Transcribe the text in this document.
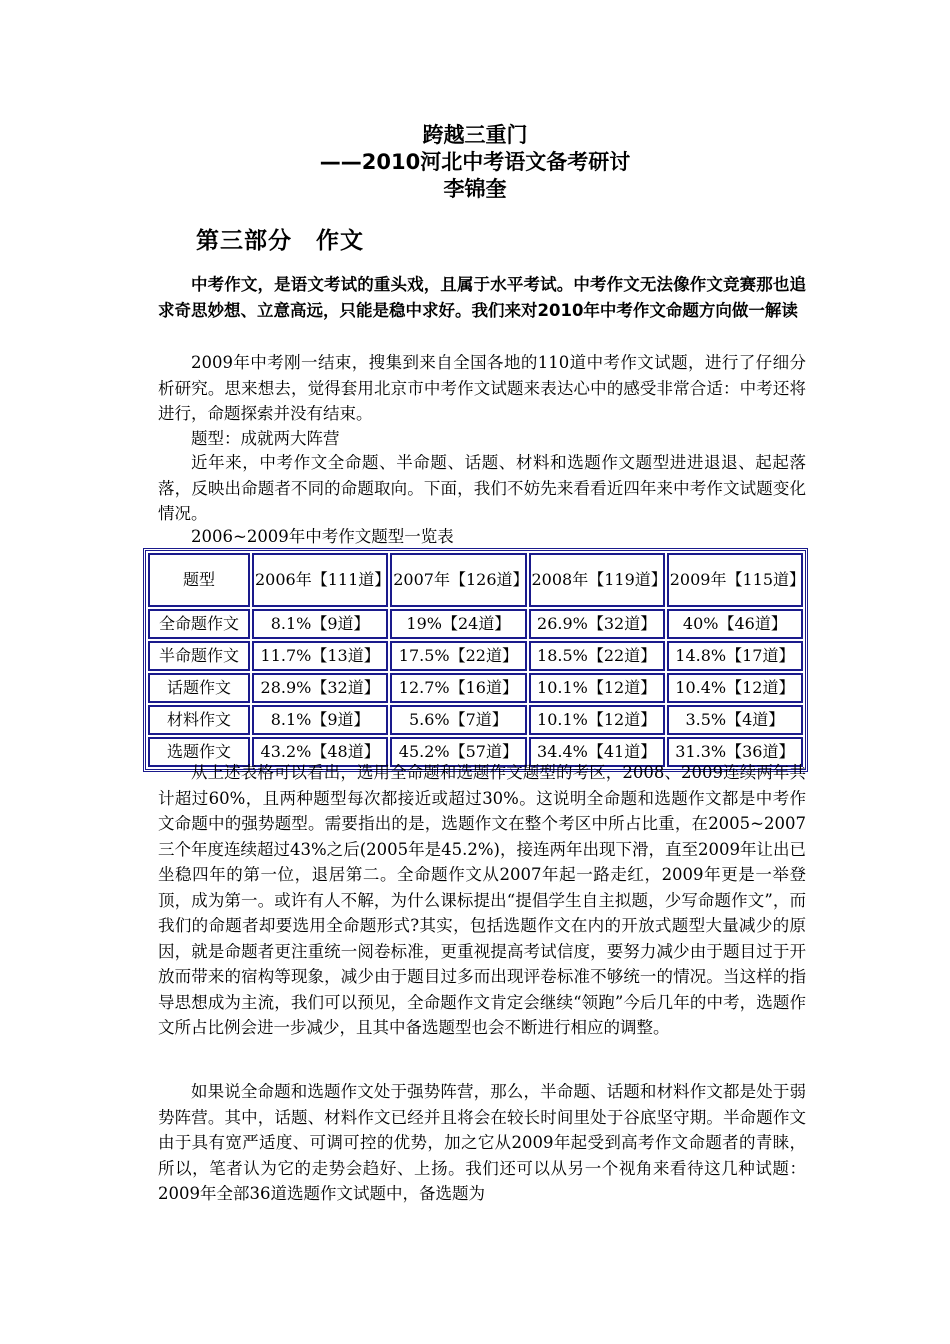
跨越三重门
——2010河北中考语文备考研讨
李锦奎
第三部分　作文

中考作文，是语文考试的重头戏，且属于水平考试。中考作文无法像作文竞赛那也追求奇思妙想、立意高远，只能是稳中求好。我们来对2010年中考作文命题方向做一解读

2009年中考刚一结束，搜集到来自全国各地的110道中考作文试题，进行了仔细分析研究。思来想去，觉得套用北京市中考作文试题来表达心中的感受非常合适：中考还将进行，命题探索并没有结束。

题型：成就两大阵营

近年来，中考作文全命题、半命题、话题、材料和选题作文题型进进退退、起起落落，反映出命题者不同的命题取向。下面，我们不妨先来看看近四年来中考作文试题变化情况。

2006~2009年中考作文题型一览表

题型	2006年【111道】	2007年【126道】	2008年【119道】	2009年【115道】
全命题作文	8.1%【9道】	19%【24道】	26.9%【32道】	40%【46道】
半命题作文	11.7%【13道】	17.5%【22道】	18.5%【22道】	14.8%【17道】
话题作文	28.9%【32道】	12.7%【16道】	10.1%【12道】	10.4%【12道】
材料作文	8.1%【9道】	5.6%【7道】	10.1%【12道】	3.5%【4道】
选题作文	43.2%【48道】	45.2%【57道】	34.4%【41道】	31.3%【36道】

从上述表格可以看出，选用全命题和选题作文题型的考区，2008、2009连续两年共计超过60%，且两种题型每次都接近或超过30%。这说明全命题和选题作文都是中考作文命题中的强势题型。需要指出的是，选题作文在整个考区中所占比重，在2005~2007三个年度连续超过43%之后(2005年是45.2%)，接连两年出现下滑，直至2009年让出已坐稳四年的第一位，退居第二。全命题作文从2007年起一路走红，2009年更是一举登顶，成为第一。或许有人不解，为什么课标提出“提倡学生自主拟题，少写命题作文”，而我们的命题者却要选用全命题形式?其实，包括选题作文在内的开放式题型大量减少的原因，就是命题者更注重统一阅卷标准，更重视提高考试信度，要努力减少由于题目过于开放而带来的宿构等现象，减少由于题目过多而出现评卷标准不够统一的情况。当这样的指导思想成为主流，我们可以预见，全命题作文肯定会继续“领跑”今后几年的中考，选题作文所占比例会进一步减少，且其中备选题型也会不断进行相应的调整。

如果说全命题和选题作文处于强势阵营，那么，半命题、话题和材料作文都是处于弱势阵营。其中，话题、材料作文已经并且将会在较长时间里处于谷底坚守期。半命题作文由于具有宽严适度、可调可控的优势，加之它从2009年起受到高考作文命题者的青睐，所以，笔者认为它的走势会趋好、上扬。我们还可以从另一个视角来看待这几种试题：2009年全部36道选题作文试题中，备选题为
